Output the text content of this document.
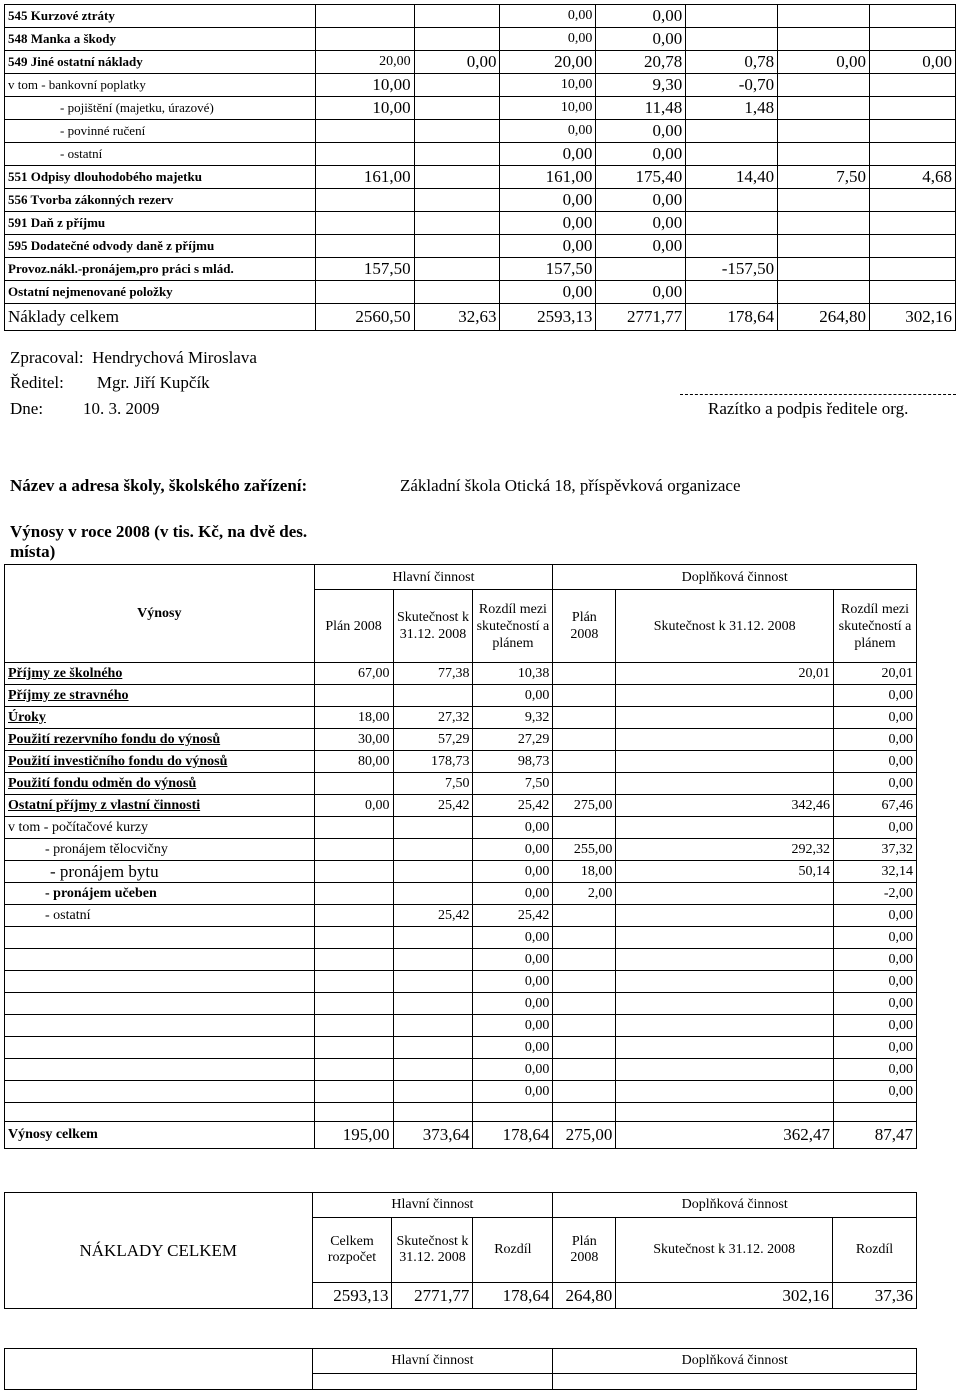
545 Kurzové ztráty			0,00	0,00			
548 Manka a škody			0,00	0,00			
549 Jiné ostatní náklady	20,00	0,00	20,00	20,78	0,78	0,00	0,00
v tom - bankovní poplatky	10,00		10,00	9,30	-0,70		
- pojištění (majetku, úrazové)	10,00		10,00	11,48	1,48		
- povinné ručení			0,00	0,00			
- ostatní			0,00	0,00			
551 Odpisy dlouhodobého majetku	161,00		161,00	175,40	14,40	7,50	4,68
556 Tvorba zákonných rezerv			0,00	0,00			
591 Daň z příjmu			0,00	0,00			
595 Dodatečné odvody daně z příjmu			0,00	0,00			
Provoz.nákl.-pronájem,pro práci s mlád.	157,50		157,50		-157,50		
Ostatní nejmenované položky			0,00	0,00			
Náklady celkem	2560,50	32,63	2593,13	2771,77	178,64	264,80	302,16
Zpracoval: Hendrychová Miroslava
Ředitel: Mgr. Jiří Kupčík
Dne: 10. 3. 2009	Razítko a podpis ředitele org.
Název a adresa školy, školského zařízení:	Základní škola Otická 18, příspěvková organizace
Výnosy v roce 2008 (v tis. Kč, na dvě des.
místa)
Výnosy	Hlavní činnost			Doplňková činnost		
	Plán 2008	Skutečnost k 31.12. 2008	Rozdíl mezi skutečností a plánem	Plán 2008	Skutečnost k 31.12. 2008	Rozdíl mezi skutečností a plánem
Příjmy ze školného	67,00	77,38	10,38		20,01	20,01
Příjmy ze stravného			0,00			0,00
Úroky	18,00	27,32	9,32			0,00
Použití rezervního fondu do výnosů	30,00	57,29	27,29			0,00
Použití investičního fondu do výnosů	80,00	178,73	98,73			0,00
Použití fondu odměn do výnosů		7,50	7,50			0,00
Ostatní příjmy z vlastní činnosti	0,00	25,42	25,42	275,00	342,46	67,46
v tom - počítačové kurzy			0,00			0,00
- pronájem tělocvičny			0,00	255,00	292,32	37,32
- pronájem bytu			0,00	18,00	50,14	32,14
- pronájem učeben			0,00	2,00		-2,00
- ostatní		25,42	25,42			0,00
			0,00			0,00
			0,00			0,00
			0,00			0,00
			0,00			0,00
			0,00			0,00
			0,00			0,00
			0,00			0,00
			0,00			0,00

Výnosy celkem	195,00	373,64	178,64	275,00	362,47	87,47
NÁKLADY CELKEM	Hlavní činnost			Doplňková činnost		
	Celkem rozpočet	Skutečnost k 31.12. 2008	Rozdíl	Plán 2008	Skutečnost k 31.12. 2008	Rozdíl
	2593,13	2771,77	178,64	264,80	302,16	37,36
	Hlavní činnost	Doplňková činnost
